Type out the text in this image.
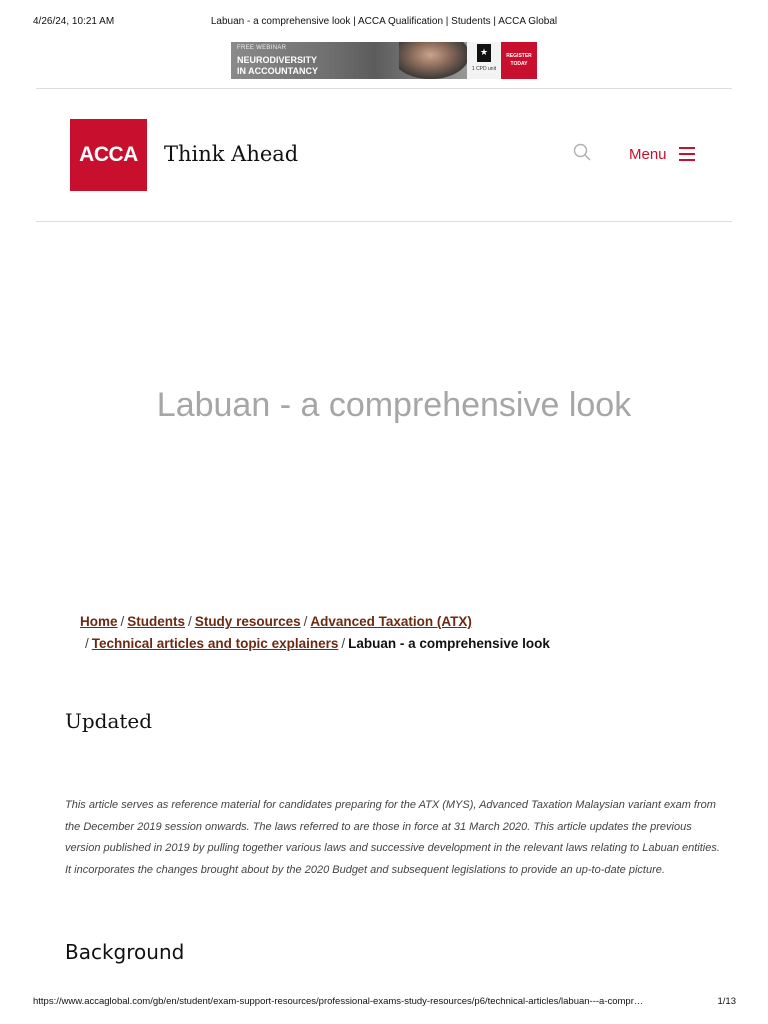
4/26/24, 10:21 AM	Labuan - a comprehensive look | ACCA Qualification | Students | ACCA Global
FREE WEBINAR
NEURODIVERSITY
IN ACCOUNTANCY
★
1 CPD unit
REGISTER
TODAY
ACCA	Think Ahead	Menu
Labuan - a comprehensive look
Home / Students / Study resources / Advanced Taxation (ATX)
/ Technical articles and topic explainers / Labuan - a comprehensive look
Updated

This article serves as reference material for candidates preparing for the ATX (MYS), Advanced Taxation Malaysian variant exam from the December 2019 session onwards. The laws referred to are those in force at 31 March 2020. This article updates the previous version published in 2019 by pulling together various laws and successive development in the relevant laws relating to Labuan entities. It incorporates the changes brought about by the 2020 Budget and subsequent legislations to provide an up-to-date picture.

Background
https://www.accaglobal.com/gb/en/student/exam-support-resources/professional-exams-study-resources/p6/technical-articles/labuan---a-compr…	1/13
